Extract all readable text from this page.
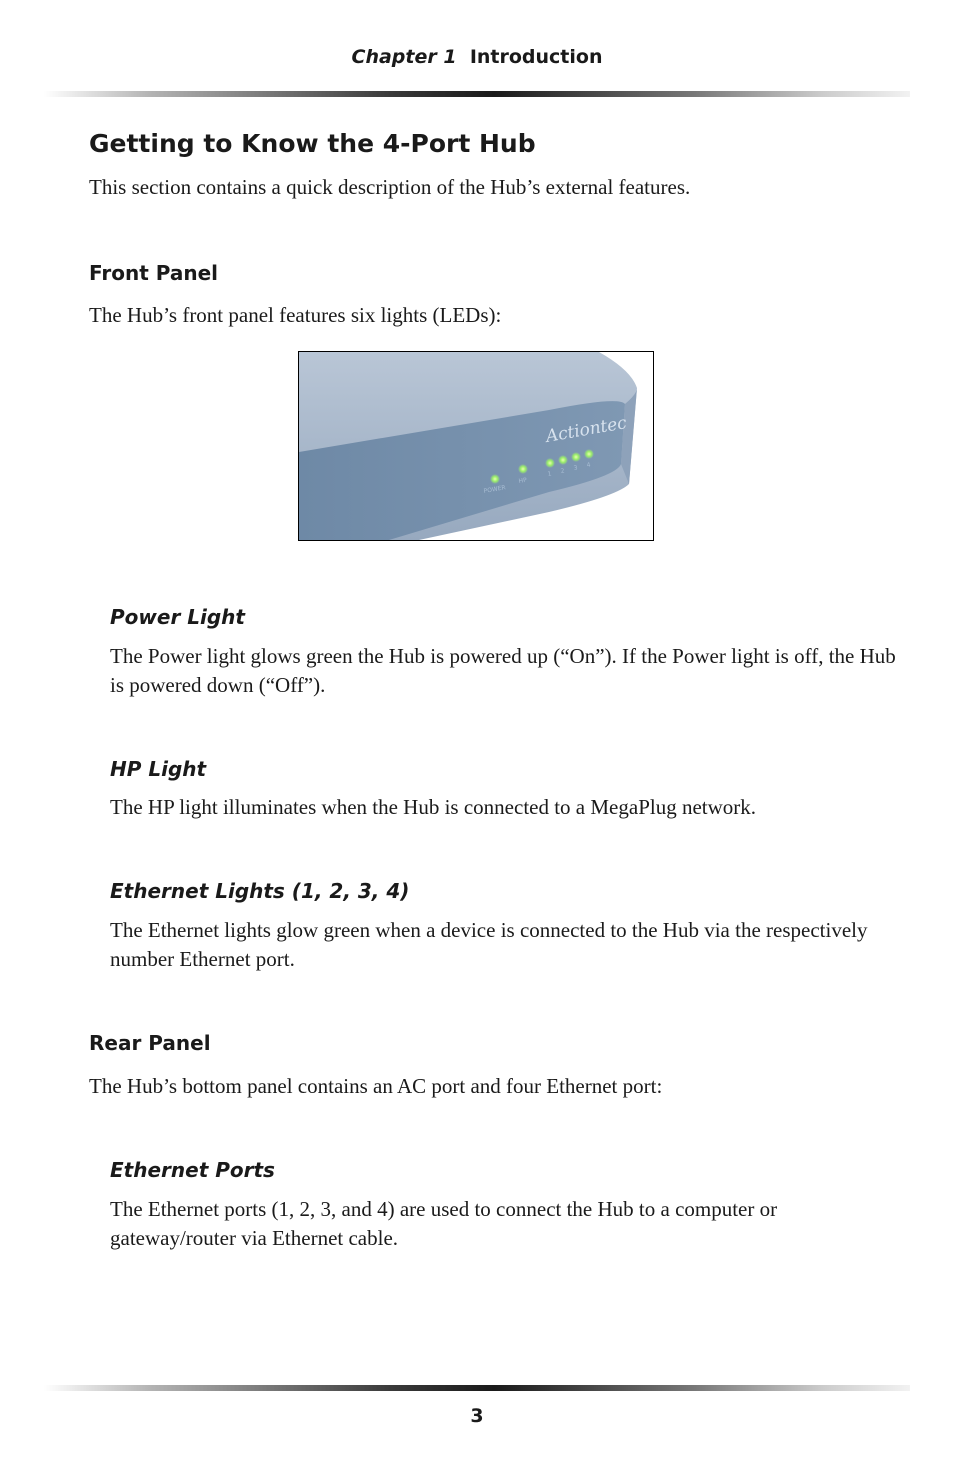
Chapter 1 Introduction
Getting to Know the 4-Port Hub

This section contains a quick description of the Hub’s external features.

Front Panel

The Hub’s front panel features six lights (LEDs):

Actiontec
POWER
HP
1 2 3 4
Power Light

The Power light glows green the Hub is powered up (“On”). If the Power light is off, the Hub is powered down (“Off”).

HP Light

The HP light illuminates when the Hub is connected to a MegaPlug network.

Ethernet Lights (1, 2, 3, 4)

The Ethernet lights glow green when a device is connected to the Hub via the respectively number Ethernet port.

Rear Panel

The Hub’s bottom panel contains an AC port and four Ethernet port:

Ethernet Ports

The Ethernet ports (1, 2, 3, and 4) are used to connect the Hub to a computer or gateway/router via Ethernet cable.

3
